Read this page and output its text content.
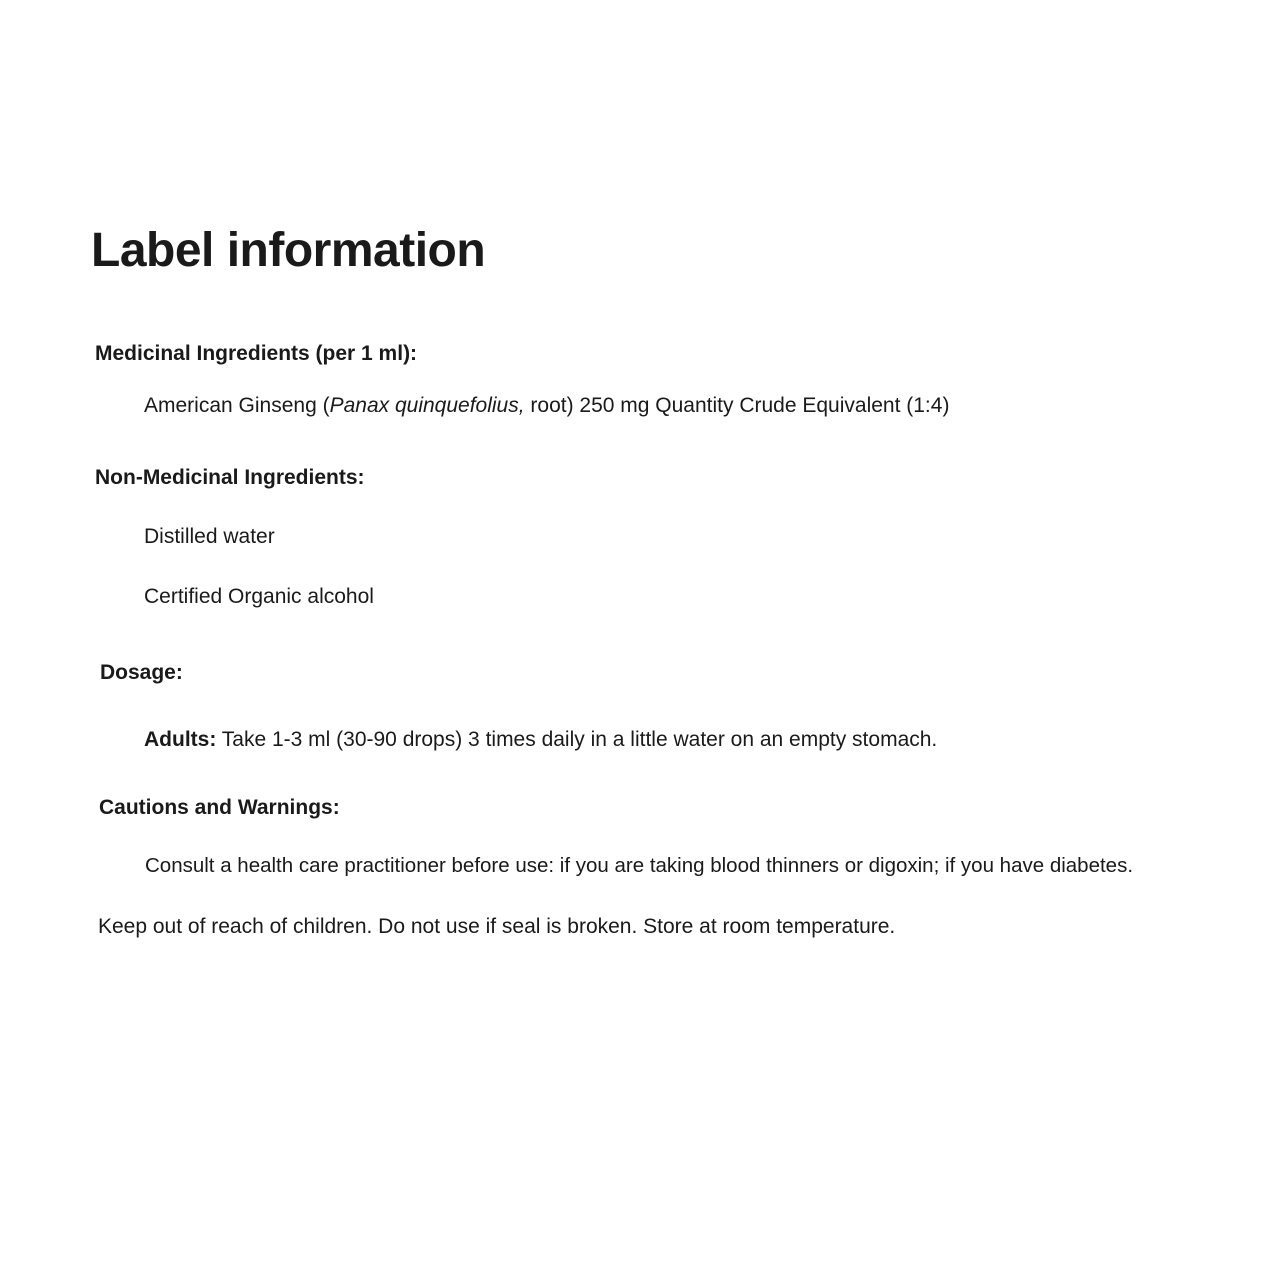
Label information

Medicinal Ingredients (per 1 ml):

American Ginseng (Panax quinquefolius, root) 250 mg Quantity Crude Equivalent (1:4)

Non-Medicinal Ingredients:

Distilled water

Certified Organic alcohol

Dosage:

Adults: Take 1-3 ml (30-90 drops) 3 times daily in a little water on an empty stomach.

Cautions and Warnings:

Consult a health care practitioner before use: if you are taking blood thinners or digoxin; if you have diabetes.

Keep out of reach of children. Do not use if seal is broken. Store at room temperature.
